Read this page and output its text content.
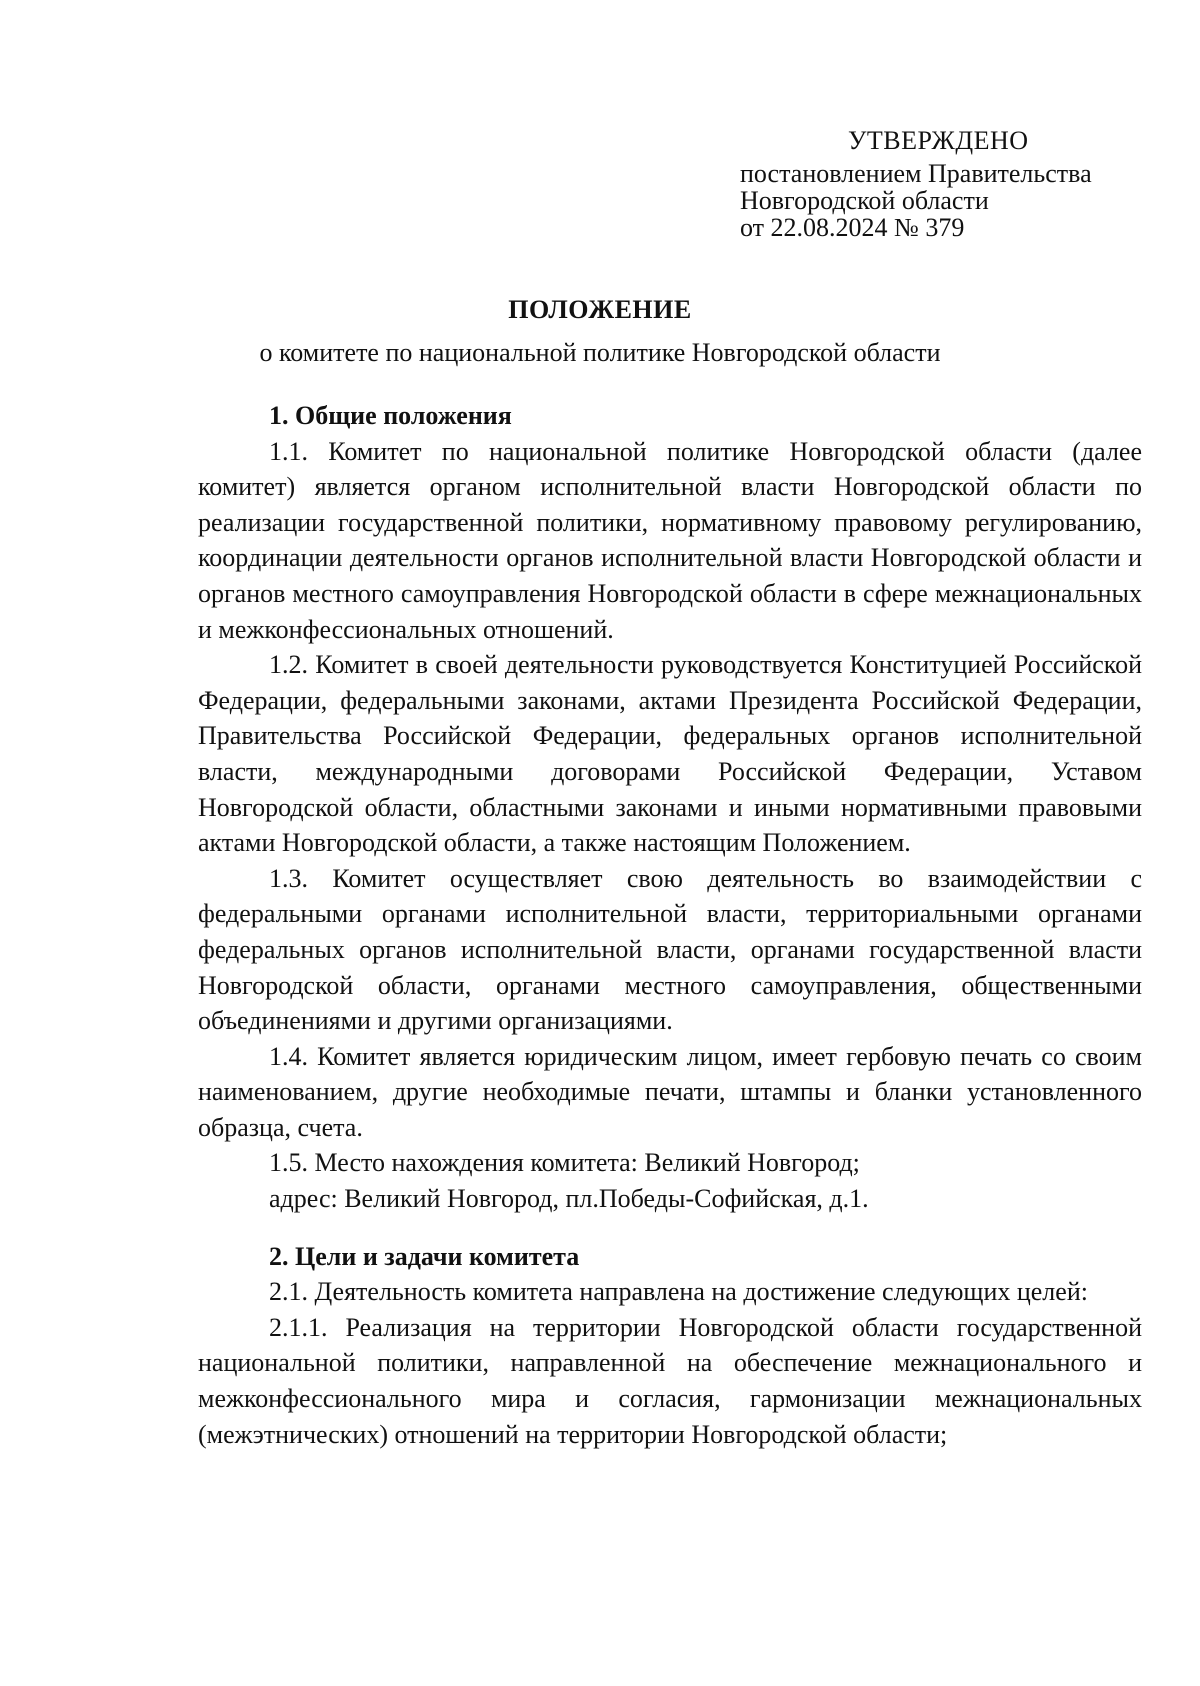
УТВЕРЖДЕНО
постановлением Правительства
Новгородской области
от 22.08.2024 № 379
ПОЛОЖЕНИЕ
о комитете по национальной политике Новгородской области
1. Общие положения

1.1. Комитет по национальной политике Новгородской области (далее комитет) является органом исполнительной власти Новгородской области по реализации государственной политики, нормативному правовому регулированию, координации деятельности органов исполнительной власти Новгородской области и органов местного самоуправления Новгородской области в сфере межнациональных и межконфессиональных отношений.

1.2. Комитет в своей деятельности руководствуется Конституцией Российской Федерации, федеральными законами, актами Президента Российской Федерации, Правительства Российской Федерации, федеральных органов исполнительной власти, международными договорами Российской Федерации, Уставом Новгородской области, областными законами и иными нормативными правовыми актами Новгородской области, а также настоящим Положением.

1.3. Комитет осуществляет свою деятельность во взаимодействии с федеральными органами исполнительной власти, территориальными органами федеральных органов исполнительной власти, органами государственной власти Новгородской области, органами местного самоуправления, общественными объединениями и другими организациями.

1.4. Комитет является юридическим лицом, имеет гербовую печать со своим наименованием, другие необходимые печати, штампы и бланки установленного образца, счета.

1.5. Место нахождения комитета: Великий Новгород;

адрес: Великий Новгород, пл.Победы-Софийская, д.1.

2. Цели и задачи комитета

2.1. Деятельность комитета направлена на достижение следующих целей:

2.1.1. Реализация на территории Новгородской области государственной национальной политики, направленной на обеспечение межнационального и межконфессионального мира и согласия, гармонизации межнациональных (межэтнических) отношений на территории Новгородской области;
